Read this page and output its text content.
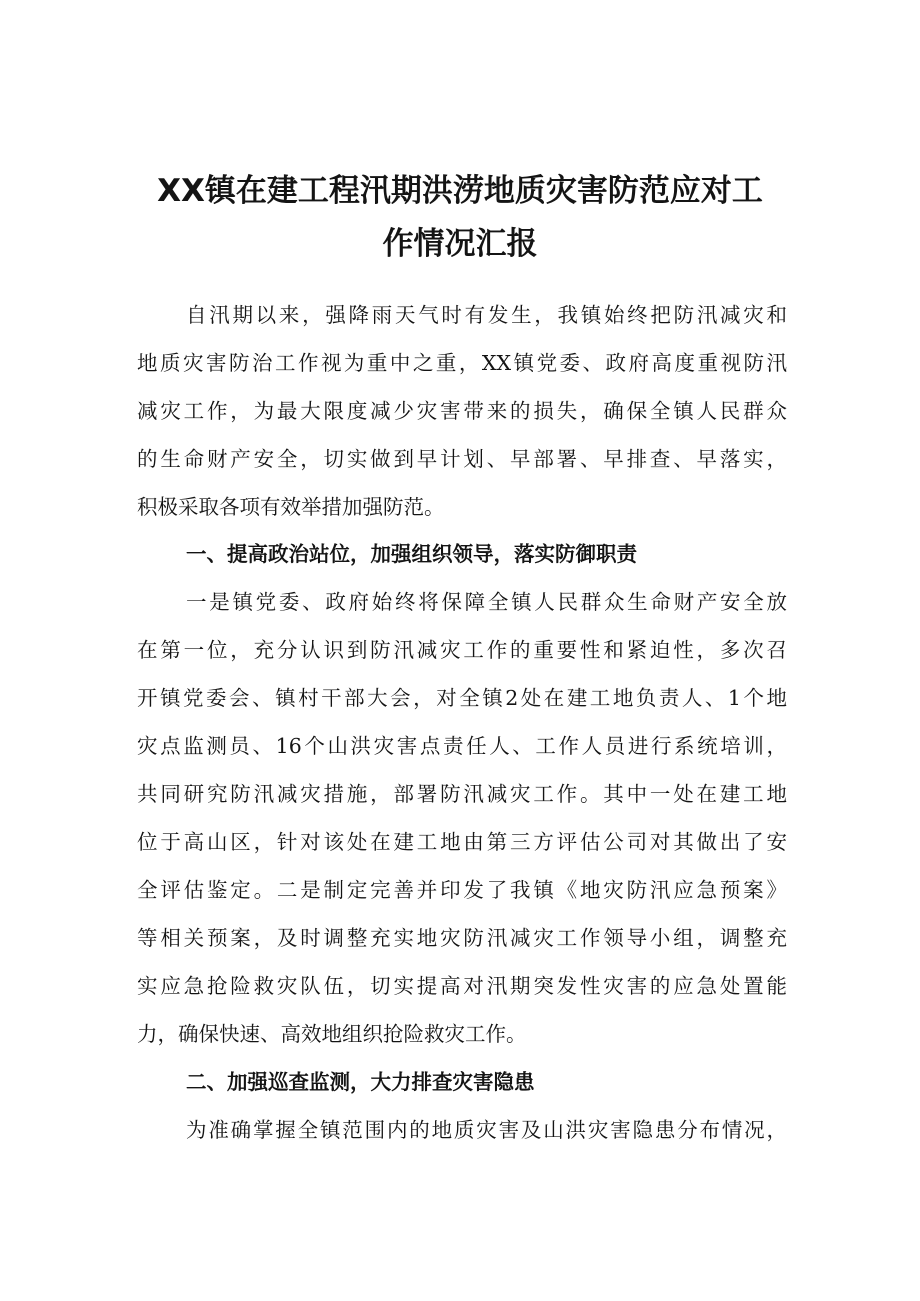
XX镇在建工程汛期洪涝地质灾害防范应对工
作情况汇报
自汛期以来，强降雨天气时有发生，我镇始终把防汛减灾和
地质灾害防治工作视为重中之重，XX镇党委、政府高度重视防汛
减灾工作，为最大限度减少灾害带来的损失，确保全镇人民群众
的生命财产安全，切实做到早计划、早部署、早排查、早落实，
积极采取各项有效举措加强防范。
一、提高政治站位，加强组织领导，落实防御职责
一是镇党委、政府始终将保障全镇人民群众生命财产安全放
在第一位，充分认识到防汛减灾工作的重要性和紧迫性，多次召
开镇党委会、镇村干部大会，对全镇2处在建工地负责人、1个地
灾点监测员、16个山洪灾害点责任人、工作人员进行系统培训，
共同研究防汛减灾措施，部署防汛减灾工作。其中一处在建工地
位于高山区，针对该处在建工地由第三方评估公司对其做出了安
全评估鉴定。二是制定完善并印发了我镇《地灾防汛应急预案》
等相关预案，及时调整充实地灾防汛减灾工作领导小组，调整充
实应急抢险救灾队伍，切实提高对汛期突发性灾害的应急处置能
力，确保快速、高效地组织抢险救灾工作。
二、加强巡查监测，大力排查灾害隐患
为准确掌握全镇范围内的地质灾害及山洪灾害隐患分布情况，
